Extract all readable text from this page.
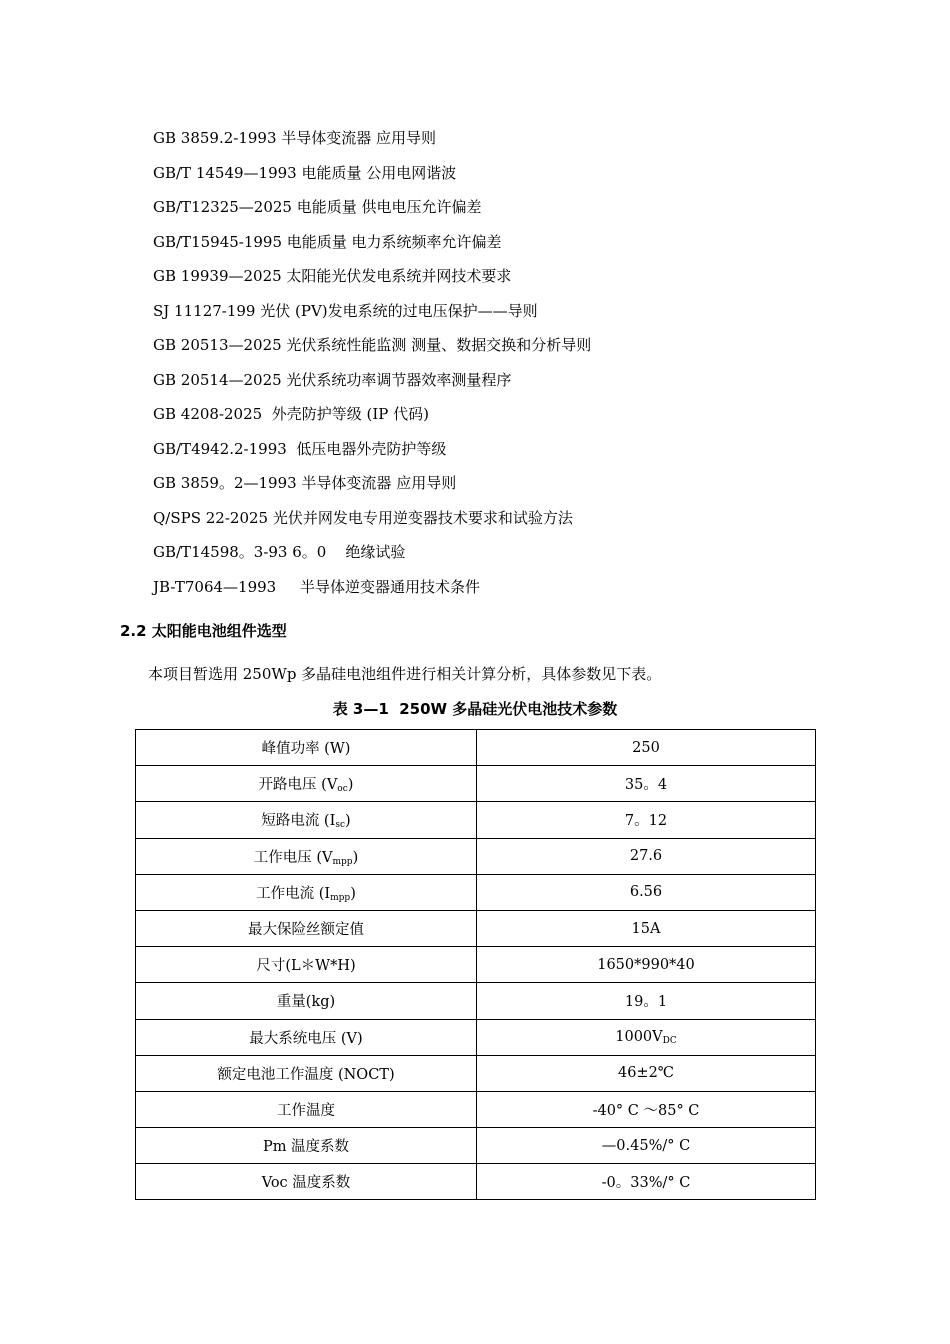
GB 3859.2-1993 半导体变流器 应用导则
GB/T 14549—1993 电能质量 公用电网谐波
GB/T12325—2025 电能质量 供电电压允许偏差
GB/T15945-1995 电能质量 电力系统频率允许偏差
GB 19939—2025 太阳能光伏发电系统并网技术要求
SJ 11127-199 光伏 (PV)发电系统的过电压保护——导则
GB 20513—2025 光伏系统性能监测 测量、数据交换和分析导则
GB 20514—2025 光伏系统功率调节器效率测量程序
GB 4208-2025  外壳防护等级 (IP 代码)
GB/T4942.2-1993  低压电器外壳防护等级
GB 3859。2—1993 半导体变流器 应用导则
Q/SPS 22-2025 光伏并网发电专用逆变器技术要求和试验方法
GB/T14598。3-93 6。0    绝缘试验
JB-T7064—1993     半导体逆变器通用技术条件
2.2 太阳能电池组件选型
本项目暂选用 250Wp 多晶硅电池组件进行相关计算分析，具体参数见下表。
表 3—1  250W 多晶硅光伏电池技术参数
峰值功率 (W)	250
开路电压 $(V_{oc})$	35。4
短路电流 $(I_{sc})$	7。12
工作电压 $(V_{mpp})$	27.6
工作电流 $(I_{mpp})$	6.56
最大保险丝额定值	15A
尺寸(L＊W*H)	1650*990*40
重量(kg)	19。1
最大系统电压 (V)	$1000V_{DC}$
额定电池工作温度 (NOCT)	46±2℃
工作温度	-40° C ～85° C
Pm 温度系数	—0.45%/° C
Voc 温度系数	-0。33%/° C
